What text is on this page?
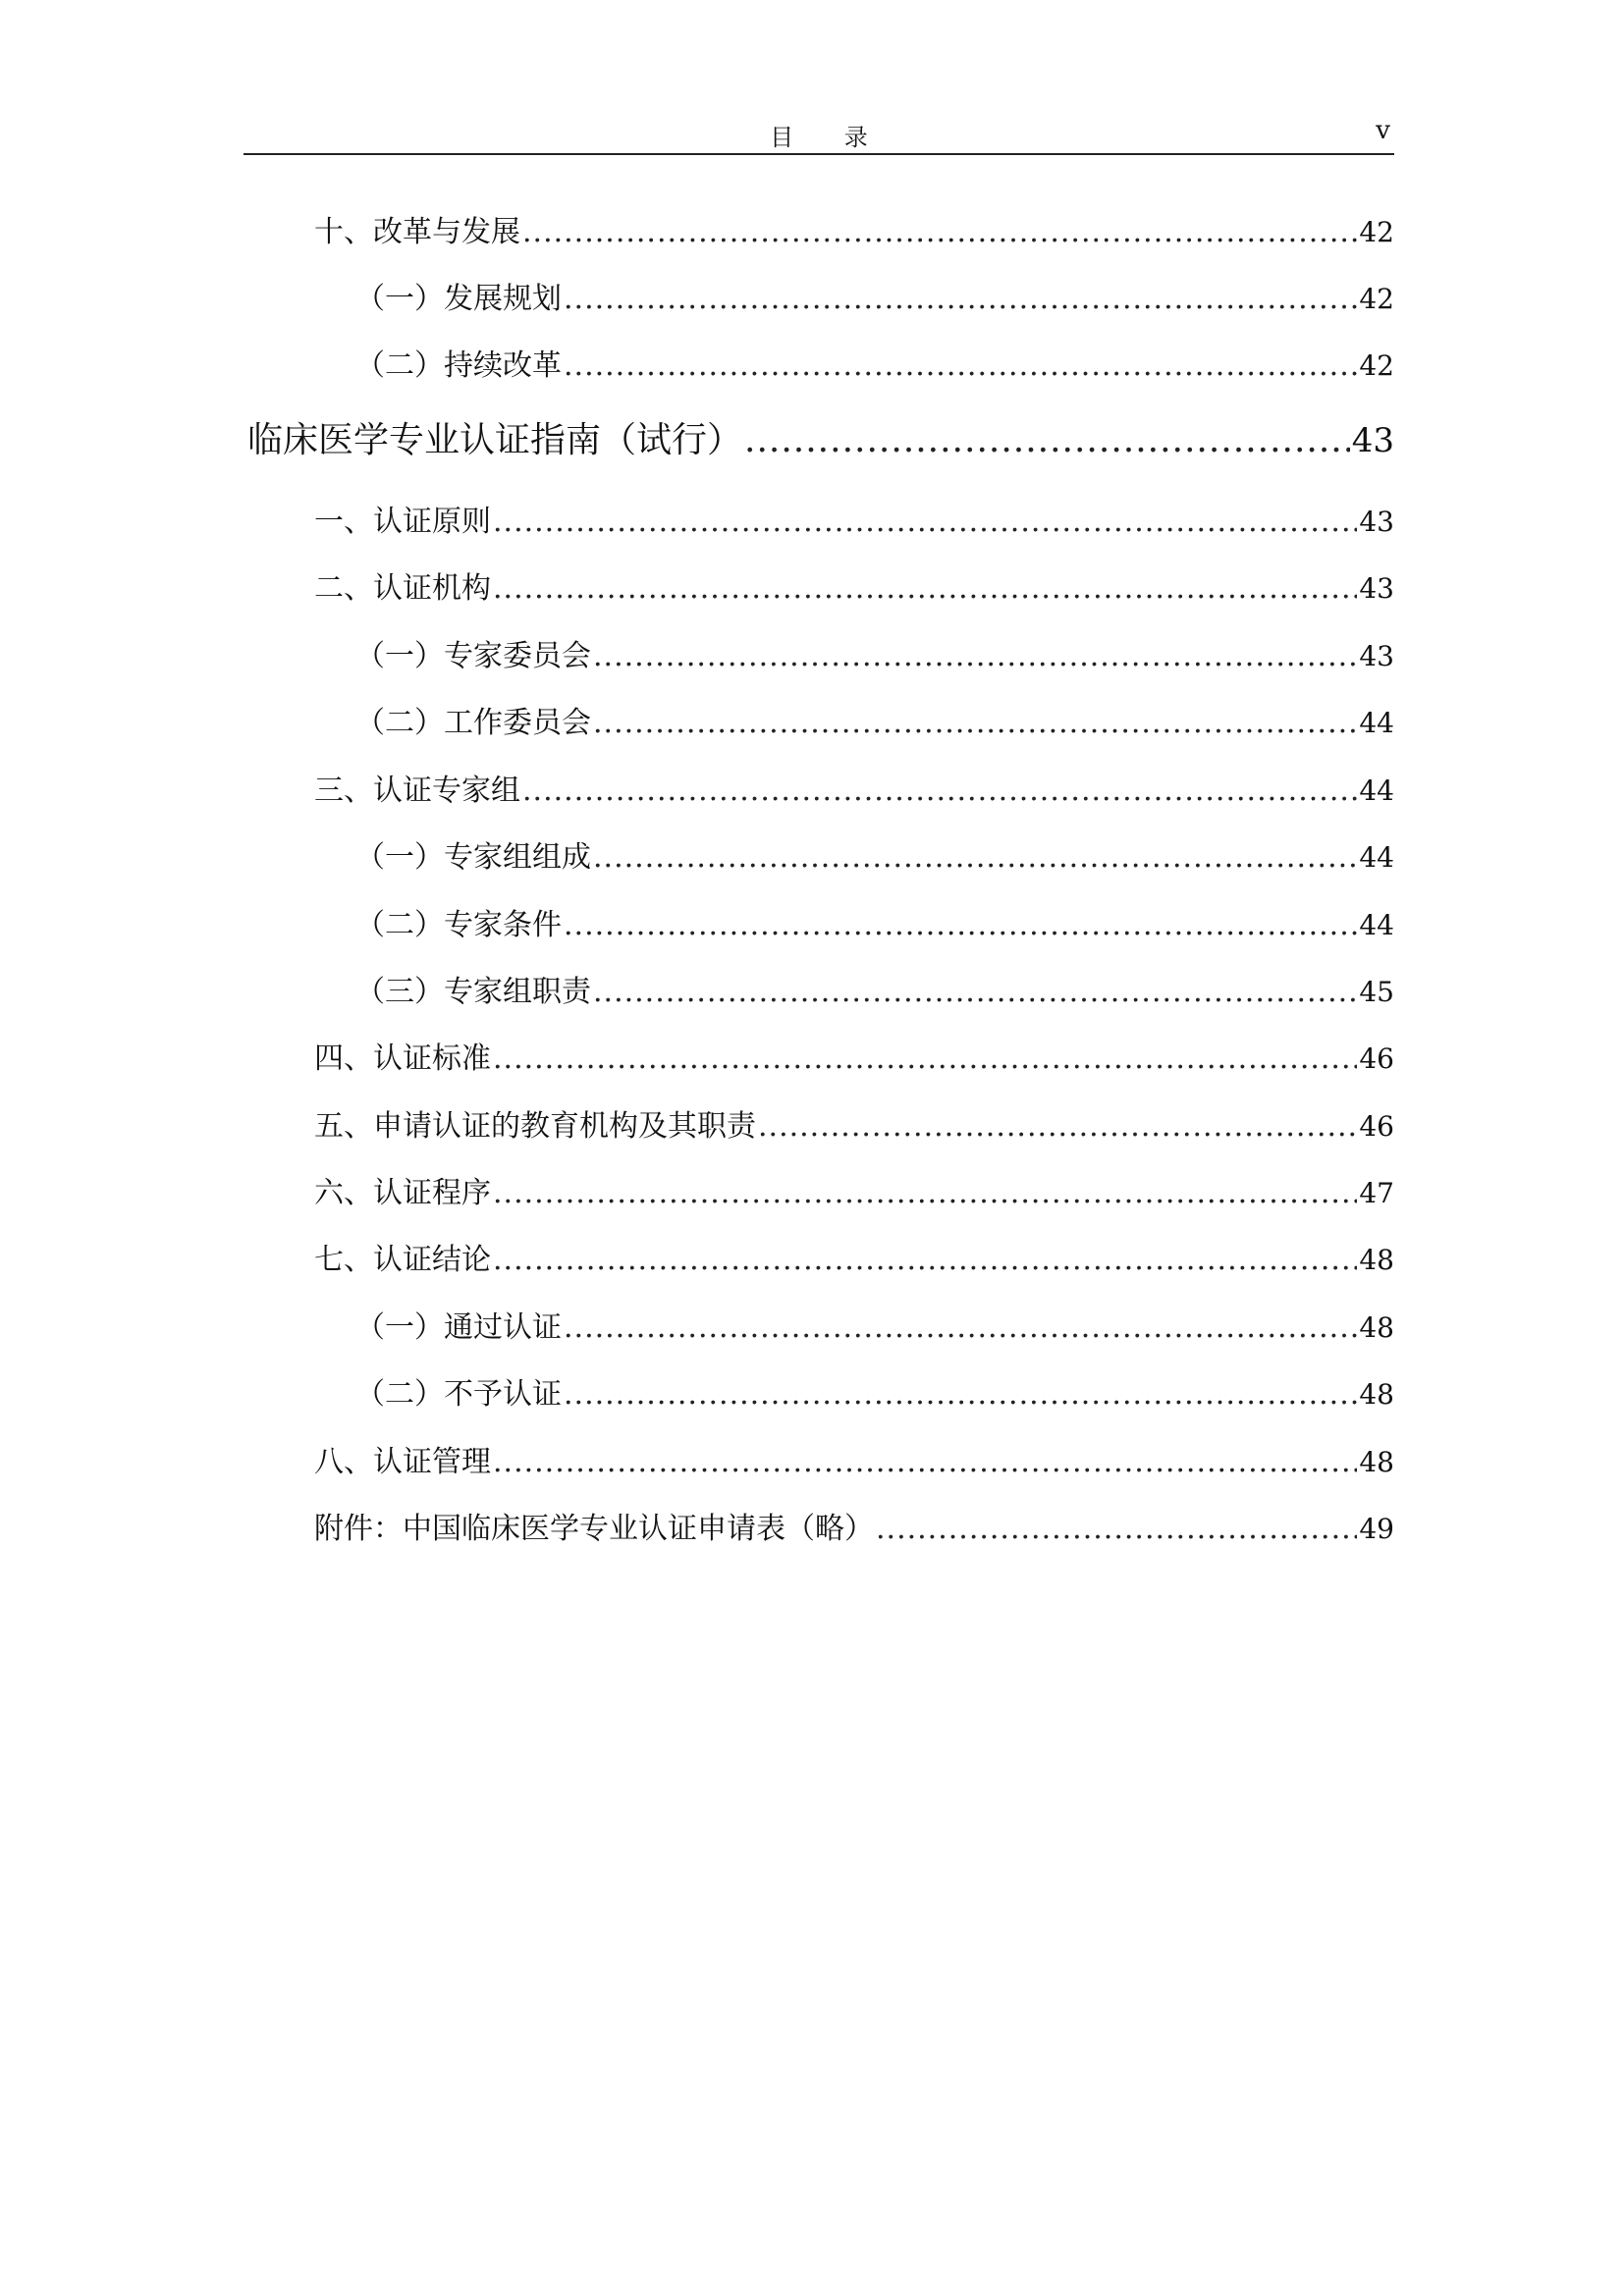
目 录	v
十、改革与发展 .....	42
（一）发展规划 .....	42
（二）持续改革 .....	42
临床医学专业认证指南（试行） .....	43
一、认证原则 .....	43
二、认证机构 .....	43
（一）专家委员会 .....	43
（二）工作委员会 .....	44
三、认证专家组 .....	44
（一）专家组组成 .....	44
（二）专家条件 .....	44
（三）专家组职责 .....	45
四、认证标准 .....	46
五、申请认证的教育机构及其职责 .....	46
六、认证程序 .....	47
七、认证结论 .....	48
（一）通过认证 .....	48
（二）不予认证 .....	48
八、认证管理 .....	48
附件：中国临床医学专业认证申请表（略） .....	49
